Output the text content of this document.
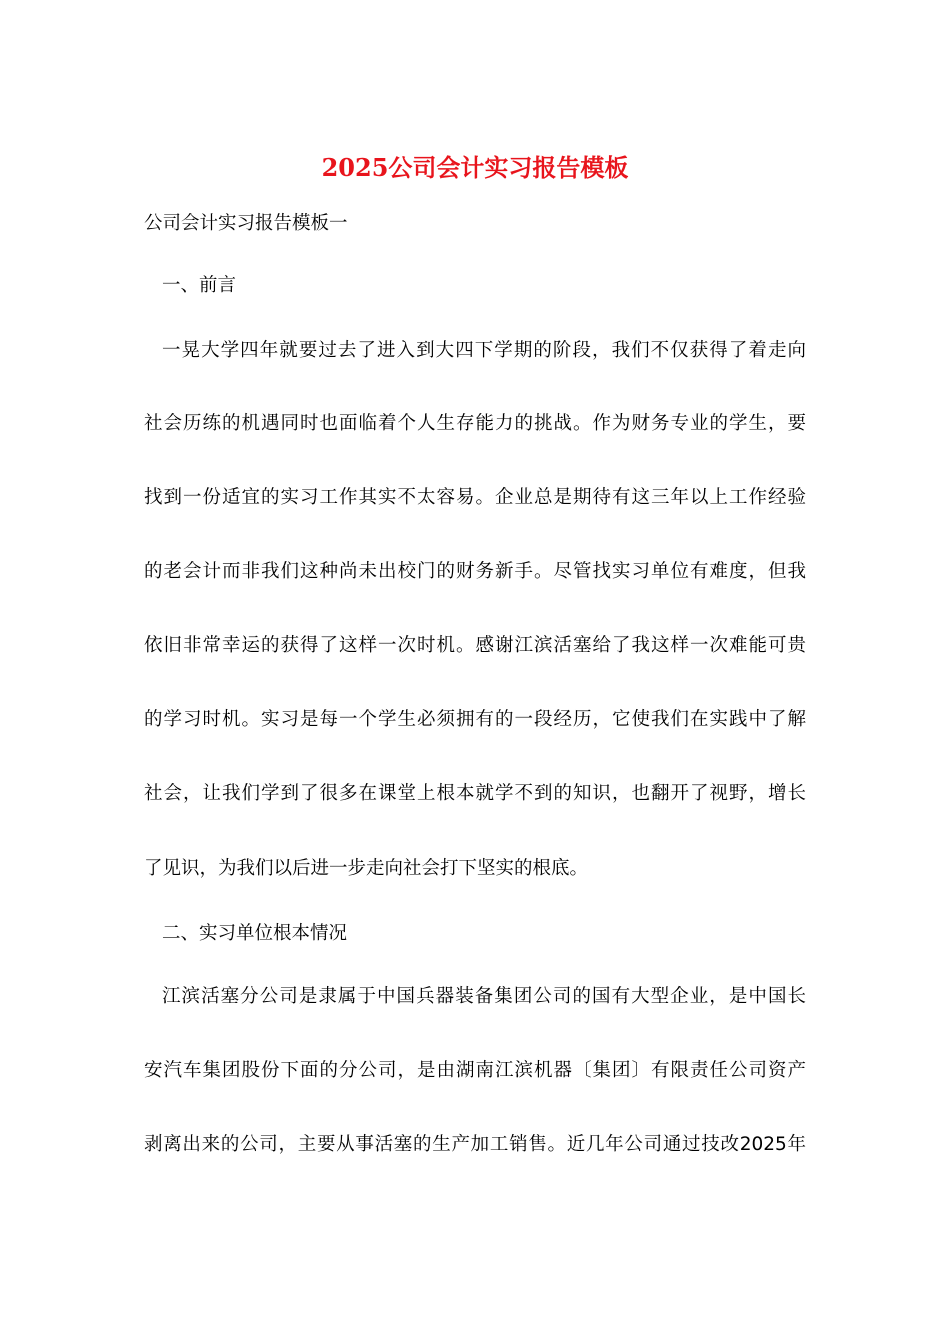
2025公司会计实习报告模板
公司会计实习报告模板一
一、前言
一晃大学四年就要过去了进入到大四下学期的阶段，我们不仅获得了着走向
社会历练的机遇同时也面临着个人生存能力的挑战。作为财务专业的学生，要
找到一份适宜的实习工作其实不太容易。企业总是期待有这三年以上工作经验
的老会计而非我们这种尚未出校门的财务新手。尽管找实习单位有难度，但我
依旧非常幸运的获得了这样一次时机。感谢江滨活塞给了我这样一次难能可贵
的学习时机。实习是每一个学生必须拥有的一段经历，它使我们在实践中了解
社会，让我们学到了很多在课堂上根本就学不到的知识，也翻开了视野，增长
了见识，为我们以后进一步走向社会打下坚实的根底。
二、实习单位根本情况
江滨活塞分公司是隶属于中国兵器装备集团公司的国有大型企业，是中国长
安汽车集团股份下面的分公司，是由湖南江滨机器〔集团〕有限责任公司资产
剥离出来的公司，主要从事活塞的生产加工销售。近几年公司通过技改2025年
